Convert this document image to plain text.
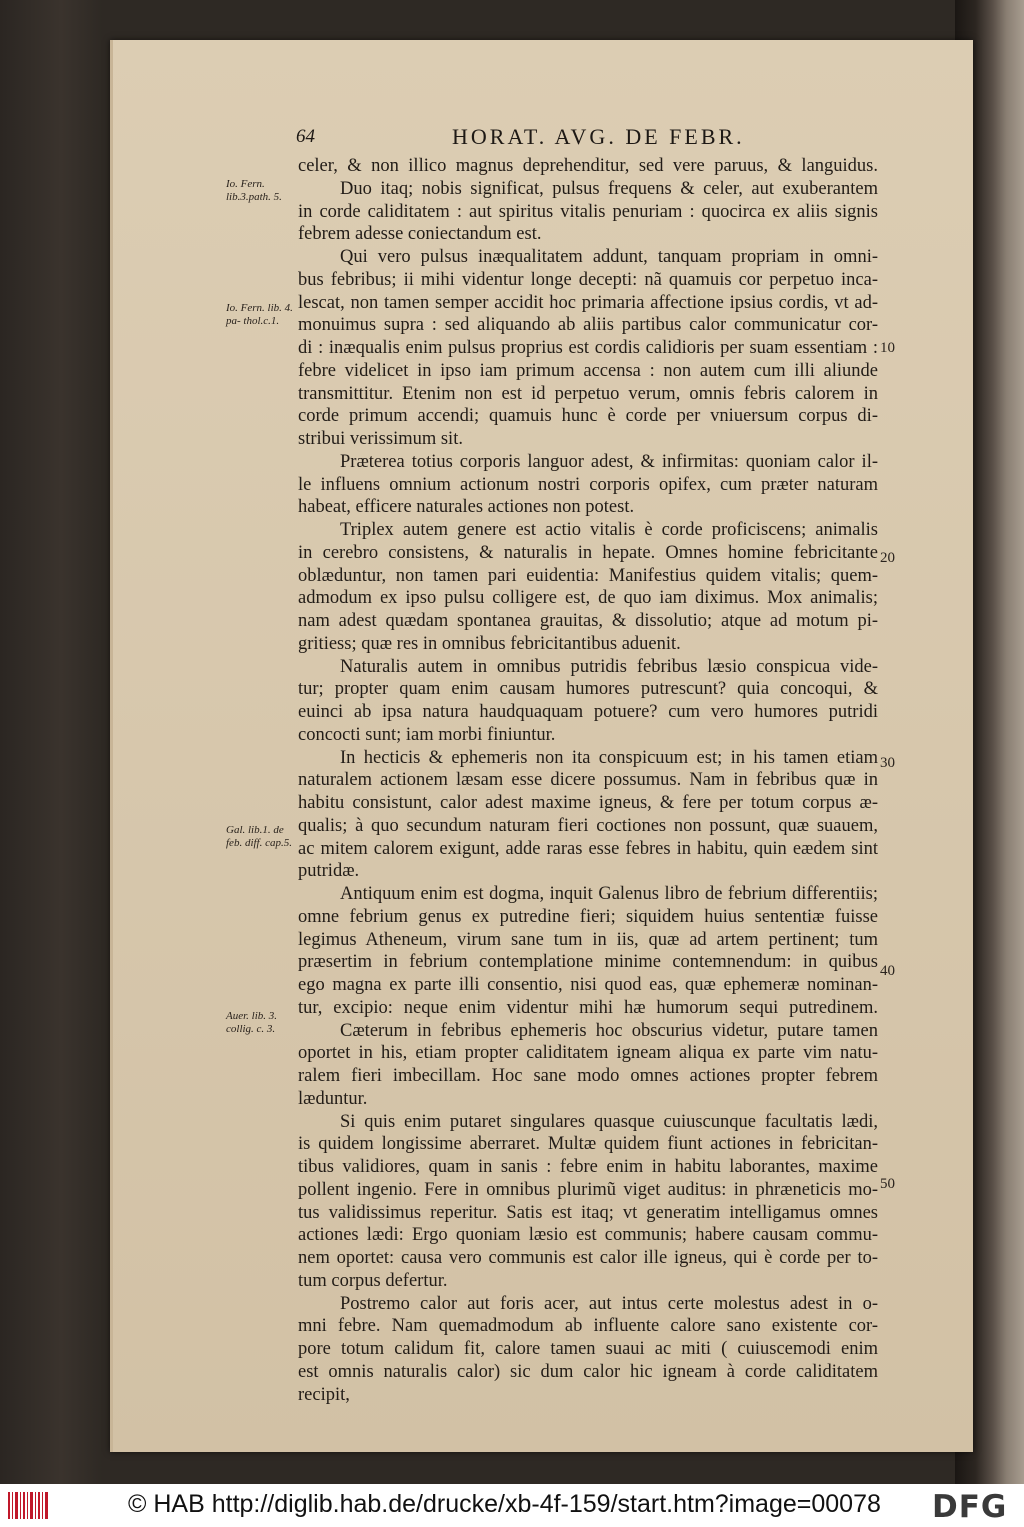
64	HORAT. AVG. DE FEBR.
Io. Fern. lib.3.path. 5.
Io. Fern. lib. 4. pa- thol.c.1.
Gal. lib.1. de feb. diff. cap.5.
Auer. lib. 3. collig. c. 3.
celer, & non illico magnus deprehenditur, sed vere paruus, & languidus.
Duo itaq; nobis significat, pulsus frequens & celer, aut exuberantem
in corde caliditatem : aut spiritus vitalis penuriam : quocirca ex aliis signis
febrem adesse coniectandum est.
Qui vero pulsus inæqualitatem addunt, tanquam propriam in omni-
bus febribus; ii mihi videntur longe decepti: nã quamuis cor perpetuo inca-
lescat, non tamen semper accidit hoc primaria affectione ipsius cordis, vt ad-
monuimus supra : sed aliquando ab aliis partibus calor communicatur cor-
di : inæqualis enim pulsus proprius est cordis calidioris per suam essentiam :
febre videlicet in ipso iam primum accensa : non autem cum illi aliunde
transmittitur. Etenim non est id perpetuo verum, omnis febris calorem in
corde primum accendi; quamuis hunc è corde per vniuersum corpus di-
stribui verissimum sit.
Præterea totius corporis languor adest, & infirmitas: quoniam calor il-
le influens omnium actionum nostri corporis opifex, cum præter naturam
habeat, efficere naturales actiones non potest.
Triplex autem genere est actio vitalis è corde proficiscens; animalis
in cerebro consistens, & naturalis in hepate. Omnes homine febricitante
oblæduntur, non tamen pari euidentia: Manifestius quidem vitalis; quem-
admodum ex ipso pulsu colligere est, de quo iam diximus. Mox animalis;
nam adest quædam spontanea grauitas, & dissolutio; atque ad motum pi-
gritiess; quæ res in omnibus febricitantibus aduenit.
Naturalis autem in omnibus putridis febribus læsio conspicua vide-
tur; propter quam enim causam humores putrescunt? quia concoqui, &
euinci ab ipsa natura haudquaquam potuere? cum vero humores putridi
concocti sunt; iam morbi finiuntur.
In hecticis & ephemeris non ita conspicuum est; in his tamen etiam
naturalem actionem læsam esse dicere possumus. Nam in febribus quæ in
habitu consistunt, calor adest maxime igneus, & fere per totum corpus æ-
qualis; à quo secundum naturam fieri coctiones non possunt, quæ suauem,
ac mitem calorem exigunt, adde raras esse febres in habitu, quin eædem sint
putridæ.
Antiquum enim est dogma, inquit Galenus libro de febrium differentiis;
omne febrium genus ex putredine fieri; siquidem huius sententiæ fuisse
legimus Atheneum, virum sane tum in iis, quæ ad artem pertinent; tum
præsertim in febrium contemplatione minime contemnendum: in quibus
ego magna ex parte illi consentio, nisi quod eas, quæ ephemeræ nominan-
tur, excipio: neque enim videntur mihi hæ humorum sequi putredinem.
Cæterum in febribus ephemeris hoc obscurius videtur, putare tamen
oportet in his, etiam propter caliditatem igneam aliqua ex parte vim natu-
ralem fieri imbecillam. Hoc sane modo omnes actiones propter febrem
læduntur.
Si quis enim putaret singulares quasque cuiuscunque facultatis lædi,
is quidem longissime aberraret. Multæ quidem fiunt actiones in febricitan-
tibus validiores, quam in sanis : febre enim in habitu laborantes, maxime
pollent ingenio. Fere in omnibus plurimũ viget auditus: in phræneticis mo-
tus validissimus reperitur. Satis est itaq; vt generatim intelligamus omnes
actiones lædi: Ergo quoniam læsio est communis; habere causam commu-
nem oportet: causa vero communis est calor ille igneus, qui è corde per to-
tum corpus defertur.
Postremo calor aut foris acer, aut intus certe molestus adest in o-
mni febre. Nam quemadmodum ab influente calore sano existente cor-
pore totum calidum fit, calore tamen suaui ac miti ( cuiuscemodi enim
est omnis naturalis calor) sic dum calor hic igneam à corde caliditatem
recipit,
10
20
30
40
50
© HAB http://diglib.hab.de/drucke/xb-4f-159/start.htm?image=00078 DFG
